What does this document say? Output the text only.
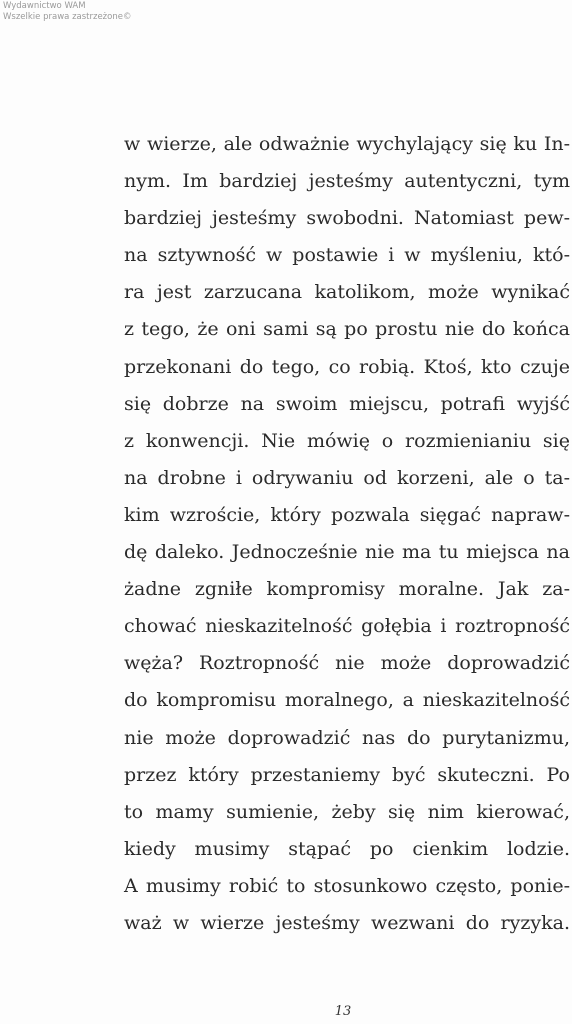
Wydawnictwo WAM
Wszelkie prawa zastrzeżone©
w wierze, ale odważnie wychylający się ku In-
nym. Im bardziej jesteśmy autentyczni, tym
bardziej jesteśmy swobodni. Natomiast pew-
na sztywność w postawie i w myśleniu, któ-
ra jest zarzucana katolikom, może wynikać
z tego, że oni sami są po prostu nie do końca
przekonani do tego, co robią. Ktoś, kto czuje
się dobrze na swoim miejscu, potrafi wyjść
z konwencji. Nie mówię o rozmienianiu się
na drobne i odrywaniu od korzeni, ale o ta-
kim wzroście, który pozwala sięgać napraw-
dę daleko. Jednocześnie nie ma tu miejsca na
żadne zgniłe kompromisy moralne. Jak za-
chować nieskazitelność gołębia i roztropność
węża? Roztropność nie może doprowadzić
do kompromisu moralnego, a nieskazitelność
nie może doprowadzić nas do purytanizmu,
przez który przestaniemy być skuteczni. Po
to mamy sumienie, żeby się nim kierować,
kiedy musimy stąpać po cienkim lodzie.
A musimy robić to stosunkowo często, ponie-
waż w wierze jesteśmy wezwani do ryzyka.
13
